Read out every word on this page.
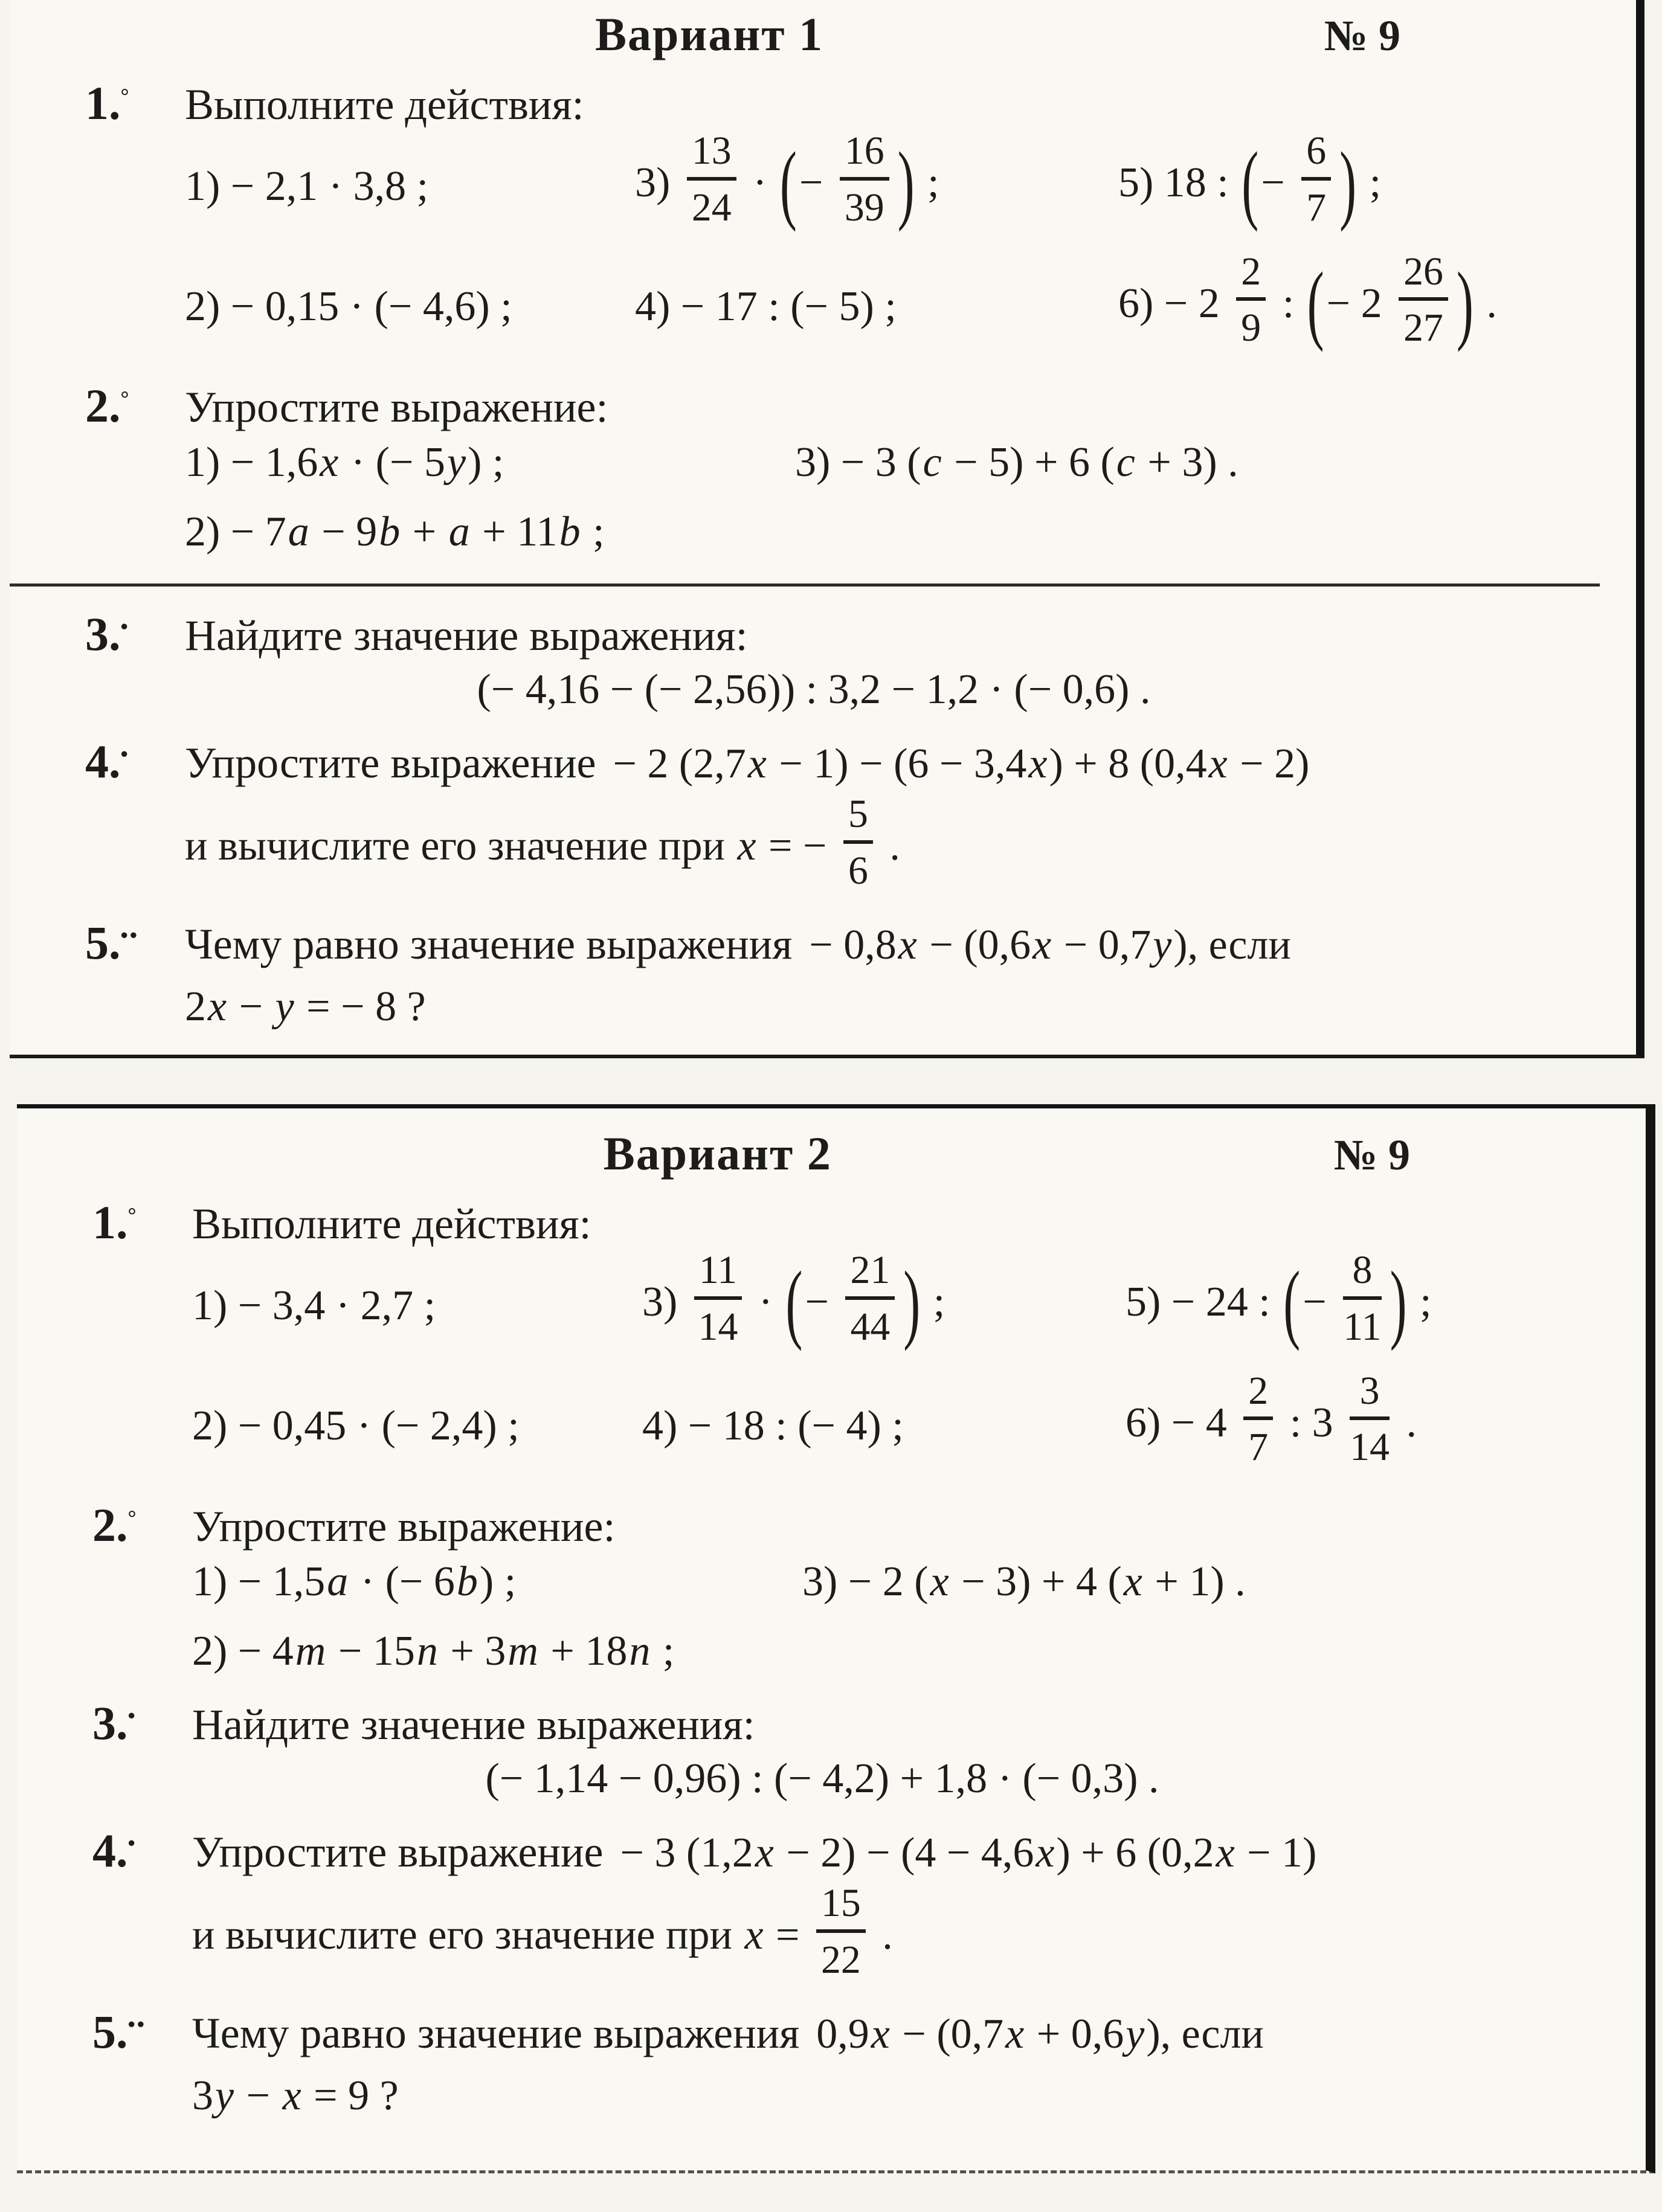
Вариант 1	№ 9
1.° Выполните действия:
1) − 2,1 · 3,8 ;	$3) \frac{13}{24}$ · (− $\frac{16}{39}$ ) ;	5) 18 : (− $\frac{6}{7}$ ) ;
2) − 0,15 · (− 4,6) ;	4) − 17 : (− 5) ;	$6) - 2 \frac{2}{9}$ : (− $2 \frac{26}{27}$ ) .
2.° Упростите выражение:
1) − 1,6x · (− 5y) ;	3) − 3 (c − 5) + 6 (c + 3) .
2) − 7a − 9b + a + 11b ;
3.• Найдите значение выражения:
(− 4,16 − (− 2,56)) : 3,2 − 1,2 · (− 0,6) .
4.• Упростите выражение − 2 (2,7x − 1) − (6 − 3,4x) + 8 (0,4x − 2)
и вычислите его значение при x = − $\frac{5}{6}$ .
5.•• Чему равно значение выражения − 0,8x − (0,6x − 0,7y), если
2x − y = − 8 ?
Вариант 2	№ 9
1.° Выполните действия:
1) − 3,4 · 2,7 ;	$3) \frac{11}{14}$ · (− $\frac{21}{44}$ ) ;	5) − 24 : (− $\frac{8}{11}$ ) ;
2) − 0,45 · (− 2,4) ;	4) − 18 : (− 4) ;	$6) - 4 \frac{2}{7}$ : $3 \frac{3}{14}$ .
2.° Упростите выражение:
1) − 1,5a · (− 6b) ;	3) − 2 (x − 3) + 4 (x + 1) .
2) − 4m − 15n + 3m + 18n ;
3.• Найдите значение выражения:
(− 1,14 − 0,96) : (− 4,2) + 1,8 · (− 0,3) .
4.• Упростите выражение − 3 (1,2x − 2) − (4 − 4,6x) + 6 (0,2x − 1)
и вычислите его значение при $x = \frac{15}{22}$ .
5.•• Чему равно значение выражения 0,9x − (0,7x + 0,6y), если
3y − x = 9 ?
